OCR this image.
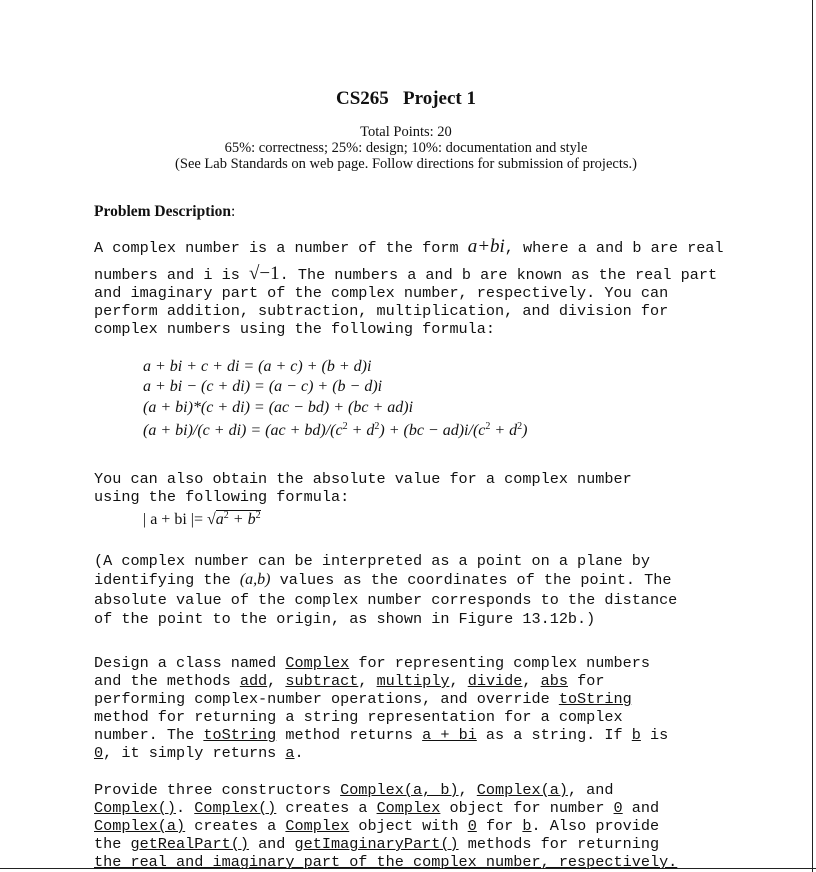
CS265   Project 1
Total Points: 20
65%: correctness; 25%: design; 10%: documentation and style
(See Lab Standards on web page. Follow directions for submission of projects.)
Problem Description:
A complex number is a number of the form a+bi, where a and b are real
numbers and i is √−1. The numbers a and b are known as the real part
and imaginary part of the complex number, respectively. You can
perform addition, subtraction, multiplication, and division for
complex numbers using the following formula:
a + bi + c + di = (a + c) + (b + d)i
a + bi − (c + di) = (a − c) + (b − d)i
(a + bi)*(c + di) = (ac − bd) + (bc + ad)i
$(a + bi)/(c + di) = (ac + bd)/(c^2 + d^2) + (bc - ad)i/(c^2 + d^2)$
You can also obtain the absolute value for a complex number
using the following formula:
| a + bi |= $√a^2 + b^2$
(A complex number can be interpreted as a point on a plane by
identifying the (a,b) values as the coordinates of the point. The
absolute value of the complex number corresponds to the distance
of the point to the origin, as shown in Figure 13.12b.)
Design a class named Complex for representing complex numbers
and the methods add, subtract, multiply, divide, abs for
performing complex-number operations, and override toString
method for returning a string representation for a complex
number. The toString method returns a + bi as a string. If b is
0, it simply returns a.
Provide three constructors Complex(a, b), Complex(a), and
Complex(). Complex() creates a Complex object for number 0 and
Complex(a) creates a Complex object with 0 for b. Also provide
the getRealPart() and getImaginaryPart() methods for returning
the real and imaginary part of the complex number, respectively.
